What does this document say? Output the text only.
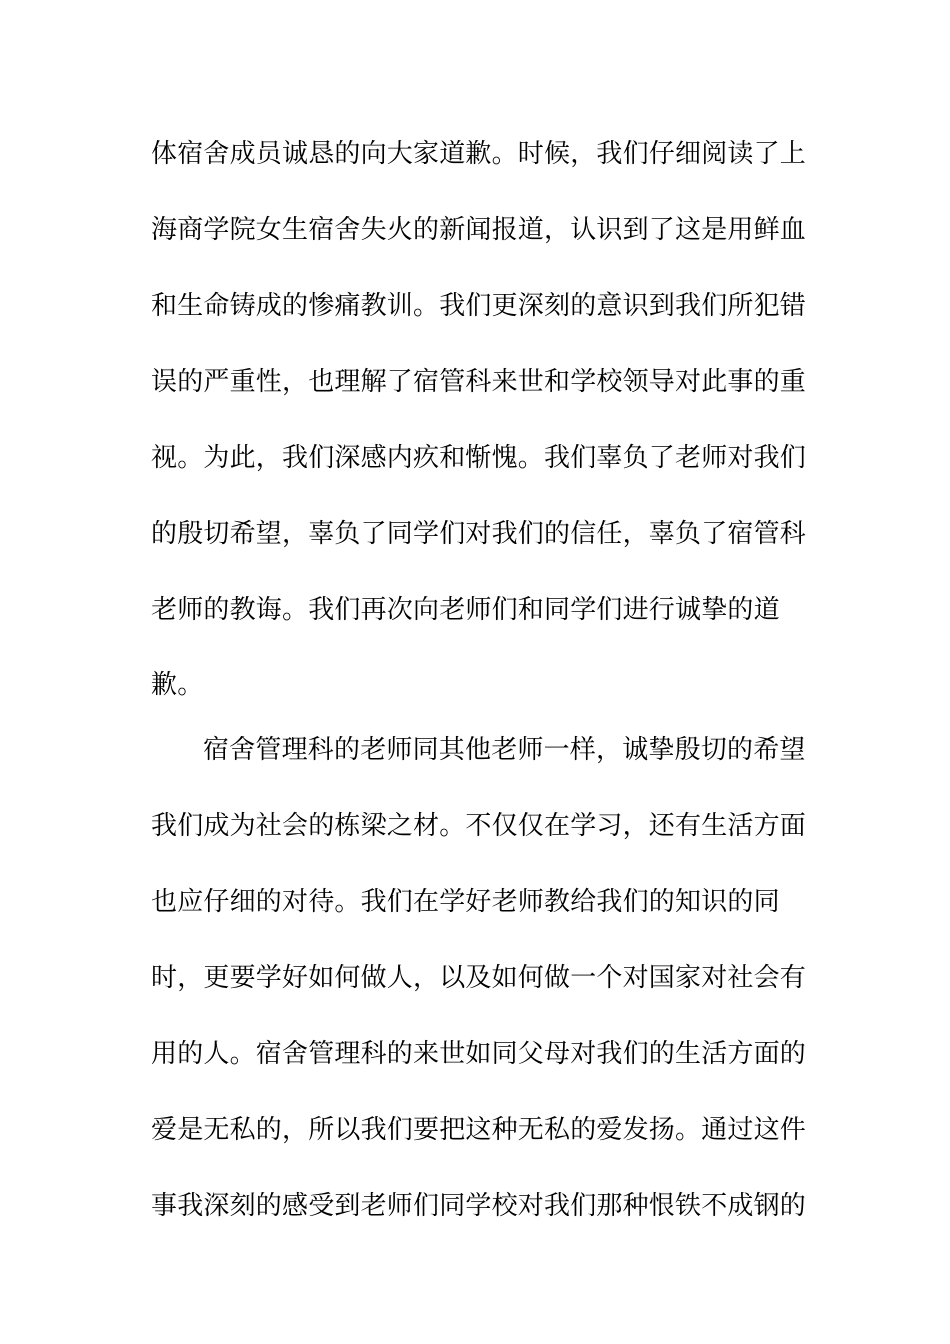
体宿舍成员诚恳的向大家道歉。时候，我们仔细阅读了上
海商学院女生宿舍失火的新闻报道，认识到了这是用鲜血
和生命铸成的惨痛教训。我们更深刻的意识到我们所犯错
误的严重性，也理解了宿管科来世和学校领导对此事的重
视。为此，我们深感内疚和惭愧。我们辜负了老师对我们
的殷切希望，辜负了同学们对我们的信任，辜负了宿管科
老师的教诲。我们再次向老师们和同学们进行诚挚的道
歉。
宿舍管理科的老师同其他老师一样，诚挚殷切的希望
我们成为社会的栋梁之材。不仅仅在学习，还有生活方面
也应仔细的对待。我们在学好老师教给我们的知识的同
时，更要学好如何做人，以及如何做一个对国家对社会有
用的人。宿舍管理科的来世如同父母对我们的生活方面的
爱是无私的，所以我们要把这种无私的爱发扬。通过这件
事我深刻的感受到老师们同学校对我们那种恨铁不成钢的
